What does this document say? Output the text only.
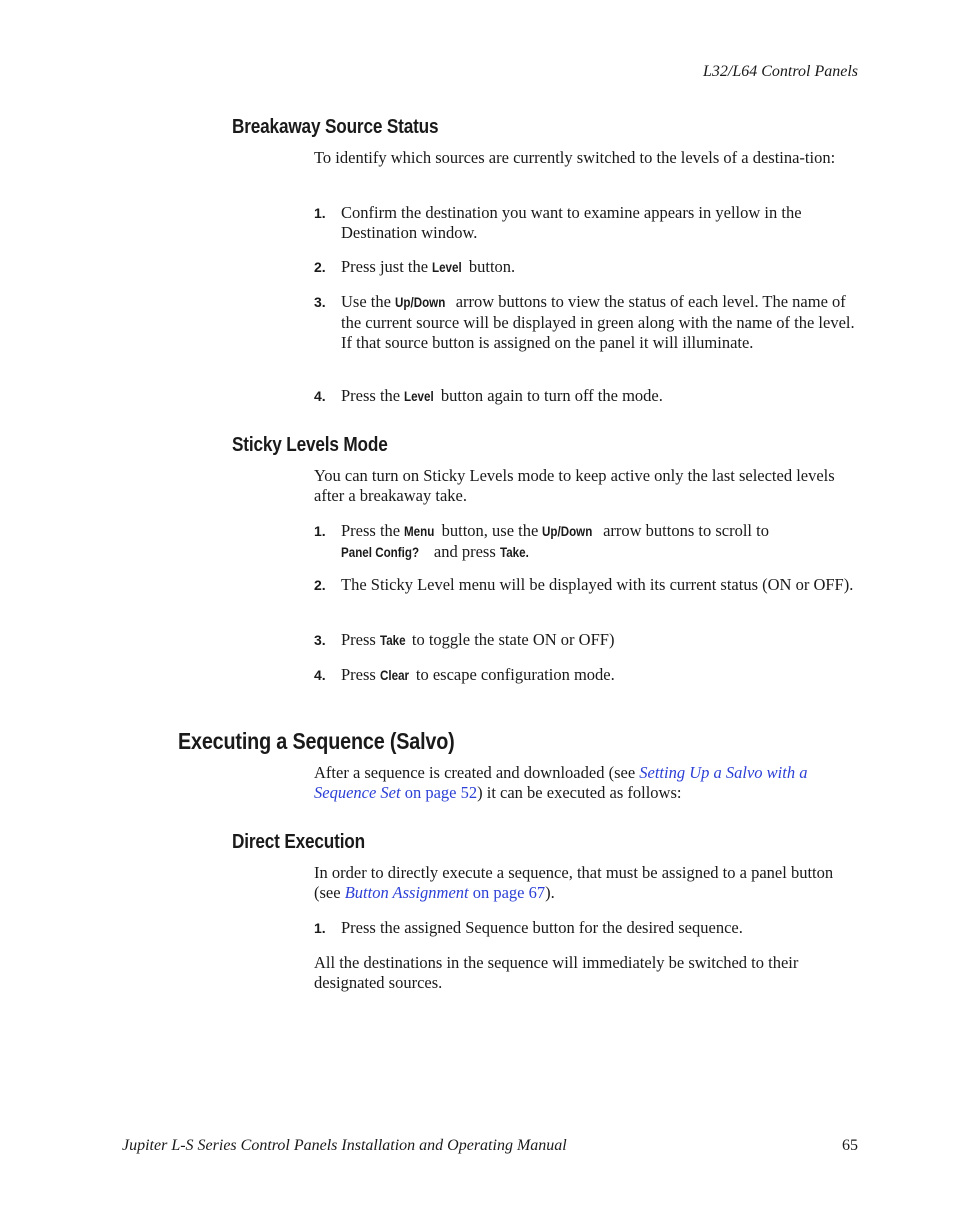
L32/L64 Control Panels
Breakaway Source Status

To identify which sources are currently switched to the levels of a destina-tion:

1. Confirm the destination you want to examine appears in yellow in the Destination window.
2. Press just the Level button.
3. Use the Up/Down arrow buttons to view the status of each level. The name of the current source will be displayed in green along with the name of the level. If that source button is assigned on the panel it will illuminate.
4. Press the Level button again to turn off the mode.
Sticky Levels Mode

You can turn on Sticky Levels mode to keep active only the last selected levels after a breakaway take.

1. Press the Menu button, use the Up/Down arrow buttons to scroll to Panel Config? and press Take.
2. The Sticky Level menu will be displayed with its current status (ON or OFF).
3. Press Take to toggle the state ON or OFF)
4. Press Clear to escape configuration mode.
Executing a Sequence (Salvo)

After a sequence is created and downloaded (see Setting Up a Salvo with a Sequence Set on page 52) it can be executed as follows:

Direct Execution

In order to directly execute a sequence, that must be assigned to a panel button (see Button Assignment on page 67).

1. Press the assigned Sequence button for the desired sequence.

All the destinations in the sequence will immediately be switched to their designated sources.

Jupiter L-S Series Control Panels Installation and Operating Manual	65
